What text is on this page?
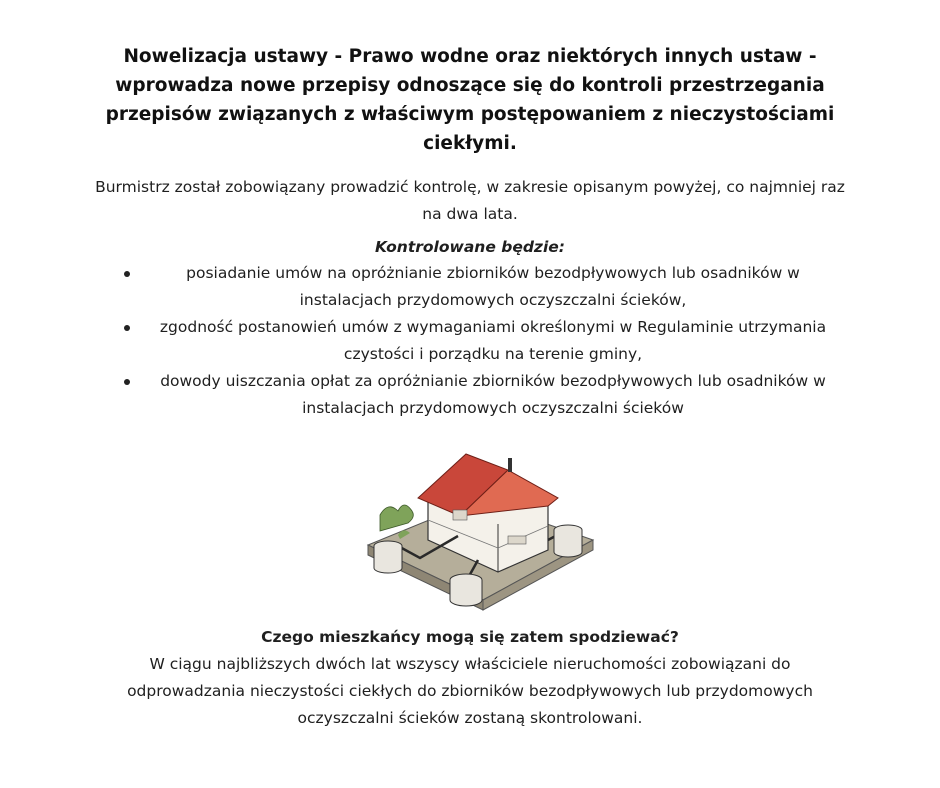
Nowelizacja ustawy - Prawo wodne oraz niektórych innych ustaw - wprowadza nowe przepisy odnoszące się do kontroli przestrzegania przepisów związanych z właściwym postępowaniem z nieczystościami ciekłymi.
Burmistrz został zobowiązany prowadzić kontrolę, w zakresie opisanym powyżej, co najmniej raz na dwa lata.
Kontrolowane będzie:
posiadanie umów na opróżnianie zbiorników bezodpływowych lub osadników w instalacjach przydomowych oczyszczalni ścieków,
zgodność postanowień umów z wymaganiami określonymi w Regulaminie utrzymania czystości i porządku na terenie gminy,
dowody uiszczania opłat za opróżnianie zbiorników bezodpływowych lub osadników w instalacjach przydomowych oczyszczalni ścieków
Czego mieszkańcy mogą się zatem spodziewać?
W ciągu najbliższych dwóch lat wszyscy właściciele nieruchomości zobowiązani do odprowadzania nieczystości ciekłych do zbiorników bezodpływowych lub przydomowych oczyszczalni ścieków zostaną skontrolowani.
